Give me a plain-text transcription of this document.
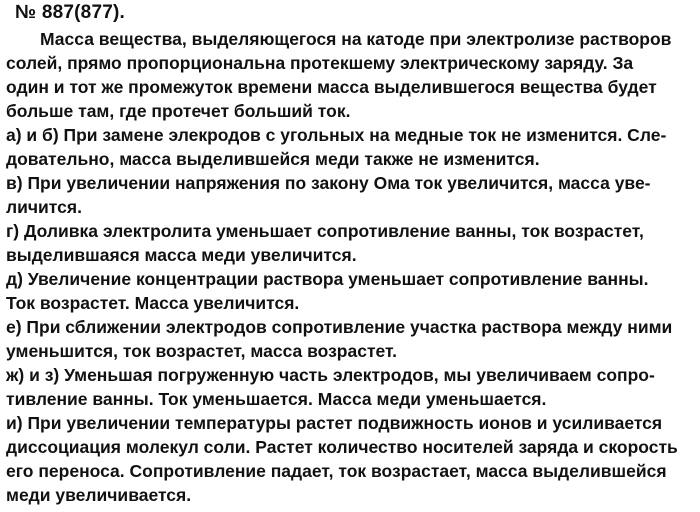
№ 887(877).
Масса вещества, выделяющегося на катоде при электролизе растворов
солей, прямо пропорциональна протекшему электрическому заряду. За
один и тот же промежуток времени масса выделившегося вещества будет
больше там, где протечет больший ток.
а) и б) При замене элекродов с угольных на медные ток не изменится. Сле-
довательно, масса выделившейся меди также не изменится.
в) При увеличении напряжения по закону Ома ток увеличится, масса уве-
личится.
г) Доливка электролита уменьшает сопротивление ванны, ток возрастет,
выделившаяся масса меди увеличится.
д) Увеличение концентрации раствора уменьшает сопротивление ванны.
Ток возрастет. Масса увеличится.
е) При сближении электродов сопротивление участка раствора между ними
уменьшится, ток возрастет, масса возрастет.
ж) и з) Уменьшая погруженную часть электродов, мы увеличиваем сопро-
тивление ванны. Ток уменьшается. Масса меди уменьшается.
и) При увеличении температуры растет подвижность ионов и усиливается
диссоциация молекул соли. Растет количество носителей заряда и скорость
его переноса. Сопротивление падает, ток возрастает, масса выделившейся
меди увеличивается.
